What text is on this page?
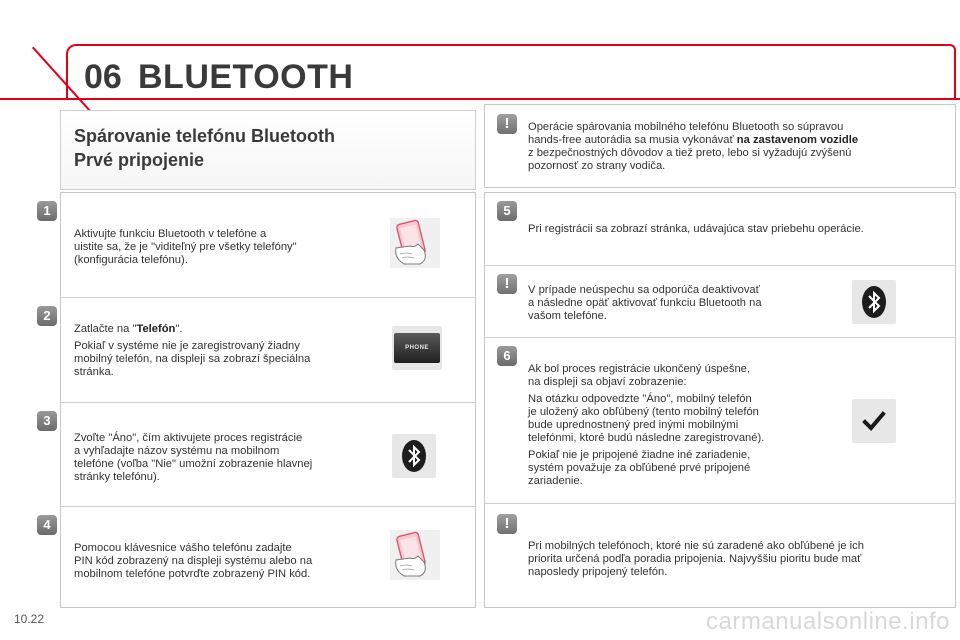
06 BLUETOOTH
Spárovanie telefónu Bluetooth
Prvé pripojenie
!	Operácie spárovania mobilného telefónu Bluetooth so súpravou
hands-free autorádia sa musia vykonávať na zastavenom vozidle
z bezpečnostných dôvodov a tiež preto, lebo si vyžadujú zvýšenú
pozornosť zo strany vodiča.
1
Aktivujte funkciu Bluetooth v telefóne a
uistite sa, že je "viditeľný pre všetky telefóny"
(konfigurácia telefónu).
2

Zatlačte na "Telefón".

Pokiaľ v systéme nie je zaregistrovaný žiadny
mobilný telefón, na displeji sa zobrazí špeciálna
stránka.
PHONE
3
Zvoľte "Áno", čím aktivujete proces registrácie
a vyhľadajte názov systému na mobilnom
telefóne (voľba "Nie" umožní zobrazenie hlavnej
stránky telefónu).
4
Pomocou klávesnice vášho telefónu zadajte
PIN kód zobrazený na displeji systému alebo na
mobilnom telefóne potvrďte zobrazený PIN kód.
5
Pri registrácii sa zobrazí stránka, udávajúca stav priebehu operácie.
!	V prípade neúspechu sa odporúča deaktivovať
a následne opäť aktivovať funkciu Bluetooth na
vašom telefóne.
6

Ak bol proces registrácie ukončený úspešne,
na displeji sa objaví zobrazenie:

Na otázku odpovedzte "Áno", mobilný telefón
je uložený ako obľúbený (tento mobilný telefón
bude uprednostnený pred inými mobilnými
telefónmi, ktoré budú následne zaregistrované).

Pokiaľ nie je pripojené žiadne iné zariadenie,
systém považuje za obľúbené prvé pripojené
zariadenie.

!
Pri mobilných telefónoch, ktoré nie sú zaradené ako obľúbené je ich
priorita určená podľa poradia pripojenia. Najvyššiu pioritu bude mať
naposledy pripojený telefón.
10.22	carmanualsonline.info
